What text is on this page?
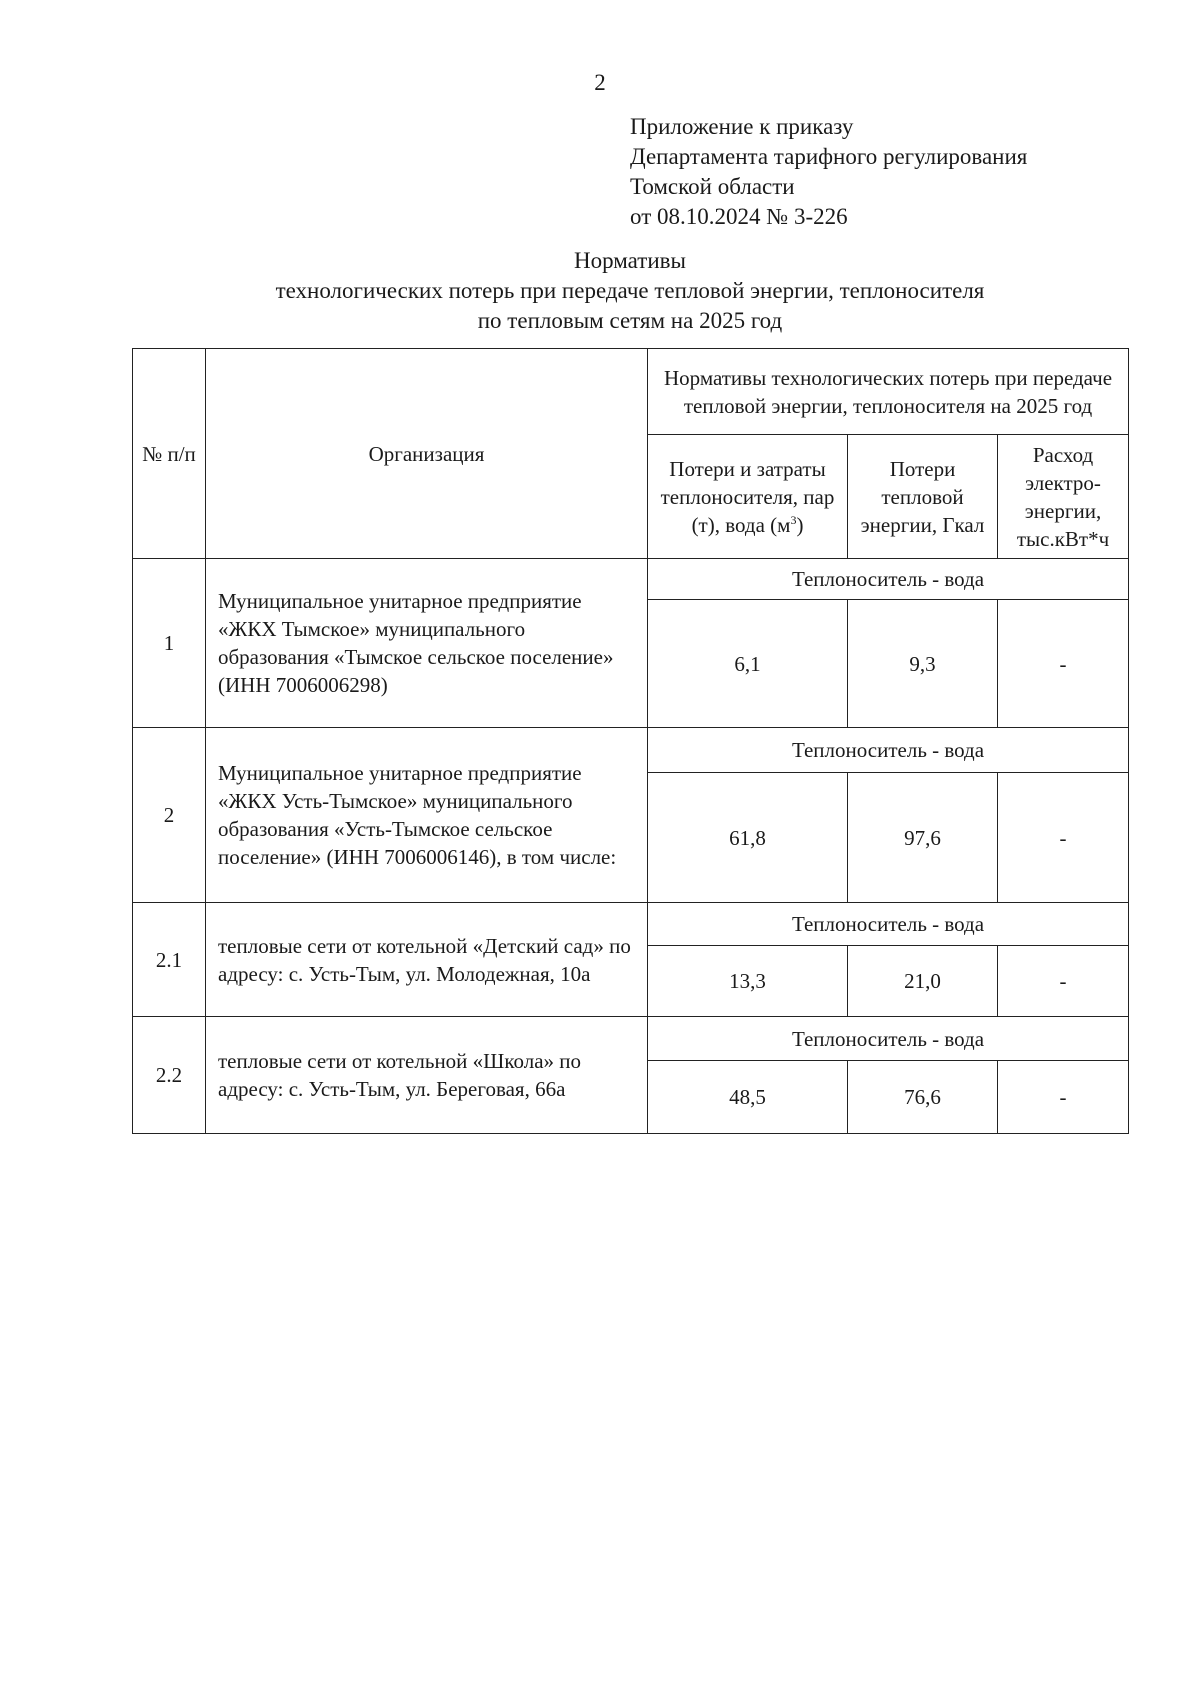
2
Приложение к приказу
Департамента тарифного регулирования
Томской области
от 08.10.2024 № 3-226
Нормативы
технологических потерь при передаче тепловой энергии, теплоносителя
по тепловым сетям на 2025 год
№ п/п	Организация	Нормативы технологических потерь при передаче тепловой энергии, теплоносителя на 2025 год		
		Потери и затраты теплоносителя, пар (т), вода $(м^3)$	Потери тепловой энергии, Гкал	Расход электро-энергии, тыс.кВт*ч
1	Муниципальное унитарное предприятие «ЖКХ Тымское» муниципального образования «Тымское сельское поселение» (ИНН 7006006298)	Теплоноситель - вода		
		6,1	9,3	-
2	Муниципальное унитарное предприятие «ЖКХ Усть-Тымское» муниципального образования «Усть-Тымское сельское поселение» (ИНН 7006006146), в том числе:	Теплоноситель - вода		
		61,8	97,6	-
2.1	тепловые сети от котельной «Детский сад» по адресу: с. Усть-Тым, ул. Молодежная, 10а	Теплоноситель - вода		
		13,3	21,0	-
2.2	тепловые сети от котельной «Школа» по адресу: с. Усть-Тым, ул. Береговая, 66а	Теплоноситель - вода		
		48,5	76,6	-
